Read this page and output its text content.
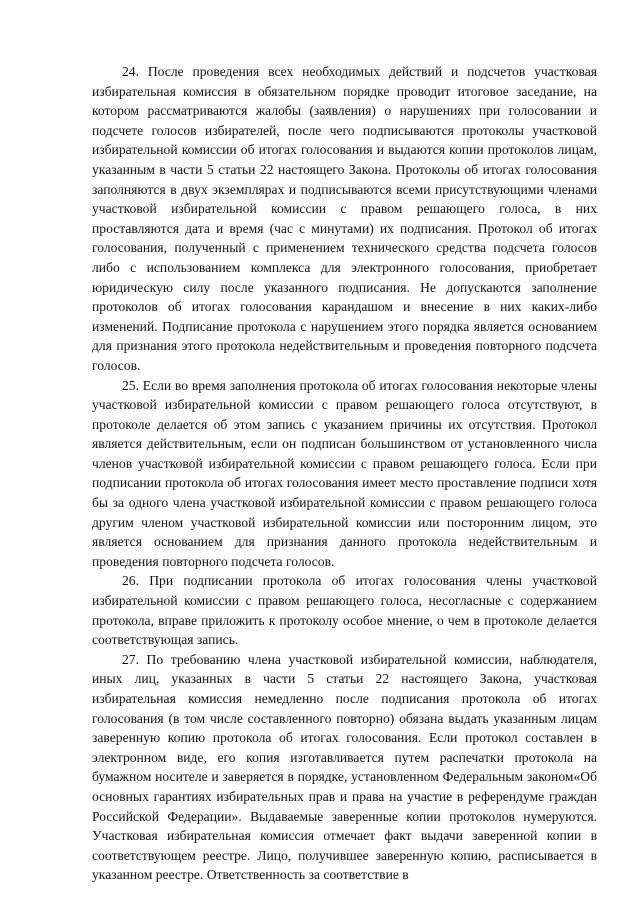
24. После проведения всех необходимых действий и подсчетов участковая избирательная комиссия в обязательном порядке проводит итоговое заседание, на котором рассматриваются жалобы (заявления) о нарушениях при голосовании и подсчете голосов избирателей, после чего подписываются протоколы участковой избирательной комиссии об итогах голосования и выдаются копии протоколов лицам, указанным в части 5 статьи 22 настоящего Закона. Протоколы об итогах голосования заполняются в двух экземплярах и подписываются всеми присутствующими членами участковой избирательной комиссии с правом решающего голоса, в них проставляются дата и время (час с минутами) их подписания. Протокол об итогах голосования, полученный с применением технического средства подсчета голосов либо с использованием комплекса для электронного голосования, приобретает юридическую силу после указанного подписания. Не допускаются заполнение протоколов об итогах голосования карандашом и внесение в них каких-либо изменений. Подписание протокола с нарушением этого порядка является основанием для признания этого протокола недействительным и проведения повторного подсчета голосов.

25. Если во время заполнения протокола об итогах голосования некоторые члены участковой избирательной комиссии с правом решающего голоса отсутствуют, в протоколе делается об этом запись с указанием причины их отсутствия. Протокол является действительным, если он подписан большинством от установленного числа членов участковой избирательной комиссии с правом решающего голоса. Если при подписании протокола об итогах голосования имеет место проставление подписи хотя бы за одного члена участковой избирательной комиссии с правом решающего голоса другим членом участковой избирательной комиссии или посторонним лицом, это является основанием для признания данного протокола недействительным и проведения повторного подсчета голосов.

26. При подписании протокола об итогах голосования члены участковой избирательной комиссии с правом решающего голоса, несогласные с содержанием протокола, вправе приложить к протоколу особое мнение, о чем в протоколе делается соответствующая запись.

27. По требованию члена участковой избирательной комиссии, наблюдателя, иных лиц, указанных в части 5 статьи 22 настоящего Закона, участковая избирательная комиссия немедленно после подписания протокола об итогах голосования (в том числе составленного повторно) обязана выдать указанным лицам заверенную копию протокола об итогах голосования. Если протокол составлен в электронном виде, его копия изготавливается путем распечатки протокола на бумажном носителе и заверяется в порядке, установленном Федеральным законом«Об основных гарантиях избирательных прав и права на участие в референдуме граждан Российской Федерации». Выдаваемые заверенные копии протоколов нумеруются. Участковая избирательная комиссия отмечает факт выдачи заверенной копии в соответствующем реестре. Лицо, получившее заверенную копию, расписывается в указанном реестре. Ответственность за соответствие в
